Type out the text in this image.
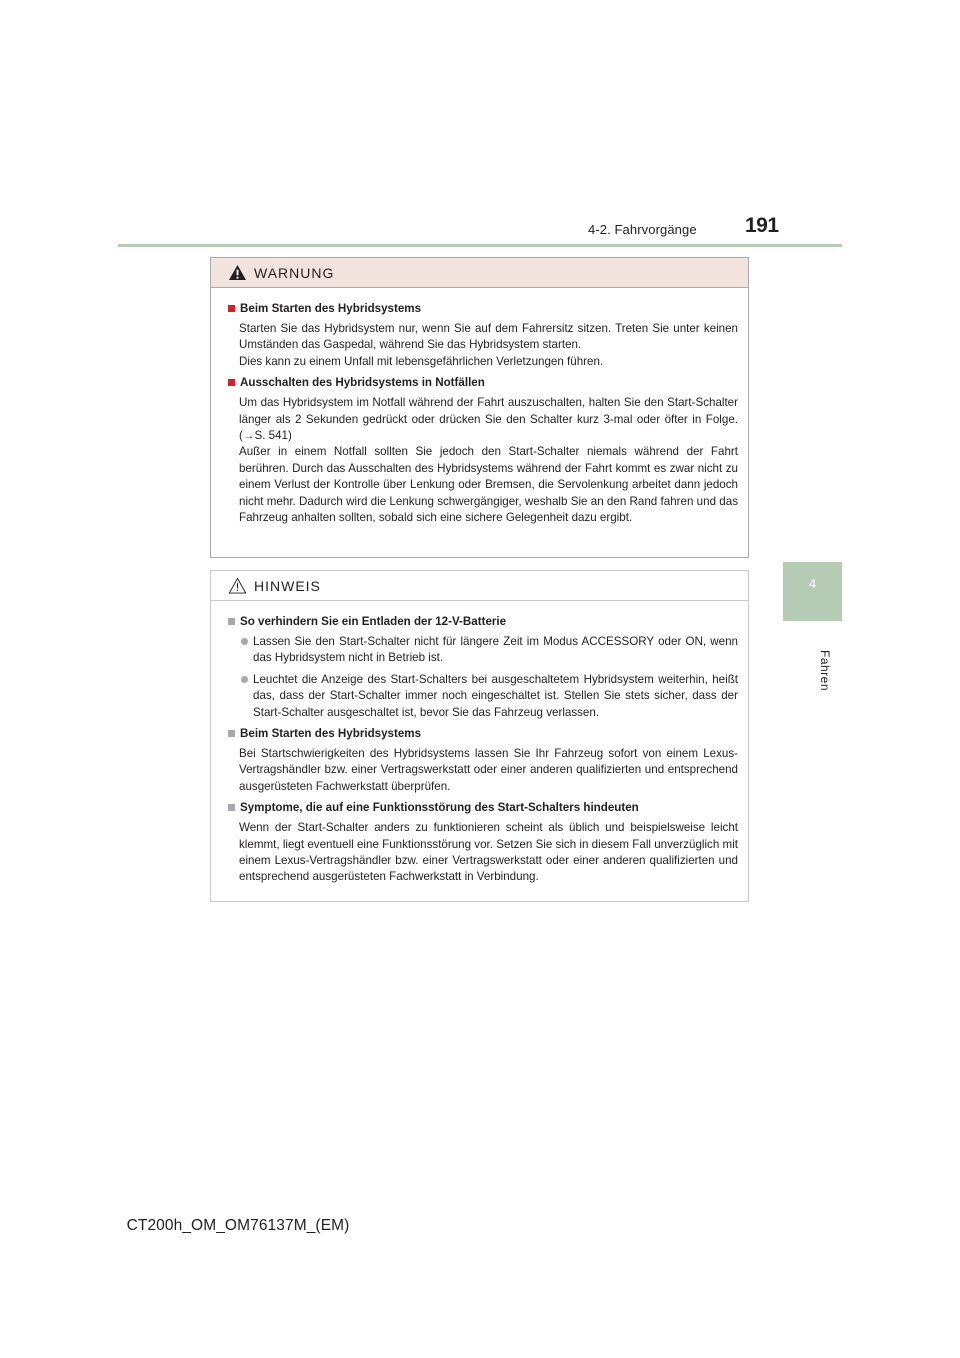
4-2. Fahrvorgänge 191
4
Fahren
WARNUNG
Beim Starten des Hybridsystems
Starten Sie das Hybridsystem nur, wenn Sie auf dem Fahrersitz sitzen. Treten Sie unter keinen Umständen das Gaspedal, während Sie das Hybridsystem starten.
Dies kann zu einem Unfall mit lebensgefährlichen Verletzungen führen.
Ausschalten des Hybridsystems in Notfällen
Um das Hybridsystem im Notfall während der Fahrt auszuschalten, halten Sie den Start-Schalter länger als 2 Sekunden gedrückt oder drücken Sie den Schalter kurz 3-mal oder öfter in Folge. (→S. 541)
Außer in einem Notfall sollten Sie jedoch den Start-Schalter niemals während der Fahrt berühren. Durch das Ausschalten des Hybridsystems während der Fahrt kommt es zwar nicht zu einem Verlust der Kontrolle über Lenkung oder Bremsen, die Servolenkung arbeitet dann jedoch nicht mehr. Dadurch wird die Lenkung schwergängiger, weshalb Sie an den Rand fahren und das Fahrzeug anhalten sollten, sobald sich eine sichere Gelegenheit dazu ergibt.
HINWEIS
So verhindern Sie ein Entladen der 12-V-Batterie
Lassen Sie den Start-Schalter nicht für längere Zeit im Modus ACCESSORY oder ON, wenn das Hybridsystem nicht in Betrieb ist.
Leuchtet die Anzeige des Start-Schalters bei ausgeschaltetem Hybridsystem weiterhin, heißt das, dass der Start-Schalter immer noch eingeschaltet ist. Stellen Sie stets sicher, dass der Start-Schalter ausgeschaltet ist, bevor Sie das Fahrzeug verlassen.
Beim Starten des Hybridsystems
Bei Startschwierigkeiten des Hybridsystems lassen Sie Ihr Fahrzeug sofort von einem Lexus-Vertragshändler bzw. einer Vertragswerkstatt oder einer anderen qualifizierten und entsprechend ausgerüsteten Fachwerkstatt überprüfen.
Symptome, die auf eine Funktionsstörung des Start-Schalters hindeuten
Wenn der Start-Schalter anders zu funktionieren scheint als üblich und beispielsweise leicht klemmt, liegt eventuell eine Funktionsstörung vor. Setzen Sie sich in diesem Fall unverzüglich mit einem Lexus-Vertragshändler bzw. einer Vertragswerkstatt oder einer anderen qualifizierten und entsprechend ausgerüsteten Fachwerkstatt in Verbindung.
CT200h_OM_OM76137M_(EM)
